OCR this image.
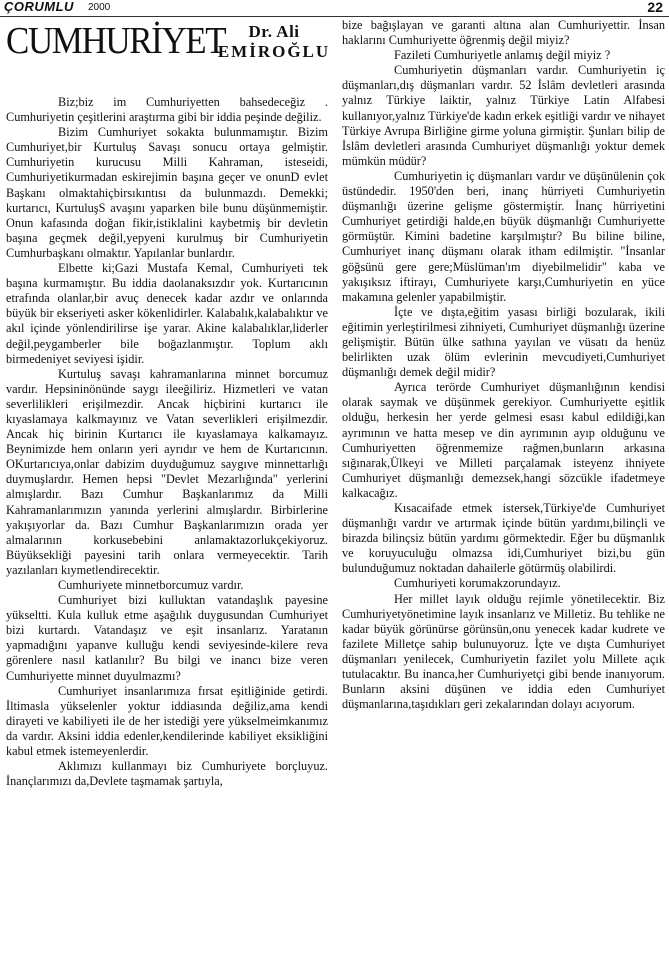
ÇORUMLU 2000	22
CUMHURİYET	Dr. Ali
EMİROĞLU

Biz;biz im Cumhuriyetten bahsedeceğiz . Cumhuriyetin çeşitlerini araştırma gibi bir iddia peşinde değiliz.

Bizim Cumhuriyet sokakta bulunmamıştır. Bizim Cumhuriyet,bir Kurtuluş Savaşı sonucu ortaya gelmiştir. Cumhuriyetin kurucusu Milli Kahraman, isteseidi, Cumhuriyetikurmadan eskirejimin başına geçer ve onunD evlet Başkanı olmaktahiçbirsıkıntısı da bulunmazdı. Demekki; kurtarıcı, KurtuluşS avaşını yaparken bile bunu düşünmemiştir. Onun kafasında doğan fikir,istiklalini kaybetmiş bir devletin başına geçmek değil,yepyeni kurulmuş bir Cumhuriyetin Cumhurbaşkanı olmaktır. Yapılanlar bunlardır.

Elbette ki;Gazi Mustafa Kemal, Cumhuriyeti tek başına kurmamıştır. Bu iddia daolanaksızdır yok. Kurtarıcının etrafında olanlar,bir avuç denecek kadar azdır ve onlarında büyük bir ekseriyeti asker kökenlidirler. Kalabalık,kalabalıktır ve akıl içinde yönlendirilirse işe yarar. Akine kalabalıklar,liderler değil,peygamberler bile boğazlanmıştır. Toplum aklı birmedeniyet seviyesi işidir.

Kurtuluş savaşı kahramanlarına minnet borcumuz vardır. Hepsininönünde saygı ileeğiliriz. Hizmetleri ve vatan severlilikleri erişilmezdir. Ancak hiçbirini kurtarıcı ile kıyaslamaya kalkmayınız ve Vatan severlikleri erişilmezdir. Ancak hiç birinin Kurtarıcı ile kıyaslamaya kalkamayız. Beynimizde hem onların yeri ayrıdır ve hem de Kurtarıcının. OKurtarıcıya,onlar dabizim duyduğumuz saygıve minnettarlığı duymuşlardır. Hemen hepsi "Devlet Mezarlığında" yerlerini almışlardır. Bazı Cumhur Başkanlarımız da Milli Kahramanlarımızın yanında yerlerini almışlardır. Birbirlerine yakışıyorlar da. Bazı Cumhur Başkanlarımızın orada yer almalarının korkusebebini anlamaktazorlukçekiyoruz. Büyüksekliği payesini tarih onlara vermeyecektir. Tarih yazılanları kıymetlendirecektir.

Cumhuriyete minnetborcumuz vardır.

Cumhuriyet bizi kulluktan vatandaşlık payesine yükseltti. Kula kulluk etme aşağılık duygusundan Cumhuriyet bizi kurtardı. Vatandaşız ve eşit insanlarız. Yaratanın yapmadığını yapanve kulluğu kendi seviyesinde-kilere reva görenlere nasıl katlanılır? Bu bilgi ve inancı bize veren Cumhuriyette minnet duyulmazmı?

Cumhuriyet insanlarımıza fırsat eşitliğinide getirdi. İltimasla yükselenler yoktur iddiasında değiliz,ama kendi dirayeti ve kabiliyeti ile de her istediği yere yükselmeimkanımız da vardır. Aksini iddia edenler,kendilerinde kabiliyet eksikliğini kabul etmek istemeyenlerdir.

Aklımızı kullanmayı biz Cumhuriyete borçluyuz. İnançlarımızı da,Devlete taşmamak şartıyla,

bize bağışlayan ve garanti altına alan Cumhuriyettir. İnsan haklarını Cumhuriyette öğrenmiş değil miyiz?

Fazileti Cumhuriyetle anlamış değil miyiz ?

Cumhuriyetin düşmanları vardır. Cumhuriyetin iç düşmanları,dış düşmanları vardır. 52 İslâm devletleri arasında yalnız Türkiye laiktir, yalnız Türkiye Latin Alfabesi kullanıyor,yalnız Türkiye'de kadın erkek eşitliği vardır ve nihayet Türkiye Avrupa Birliğine girme yoluna girmiştir. Şunları bilip de İslâm devletleri arasında Cumhuriyet düşmanlığı yoktur demek mümkün müdür?

Cumhuriyetin iç düşmanları vardır ve düşünülenin çok üstündedir. 1950'den beri, inanç hürriyeti Cumhuriyetin düşmanlığı üzerine gelişme göstermiştir. İnanç hürriyetini Cumhuriyet getirdiği halde,en büyük düşmanlığı Cumhuriyette görmüştür. Kimini badetine karşılmıştır? Bu biline biline, Cumhuriyet inanç düşmanı olarak itham edilmiştir. "İnsanlar göğsünü gere gere;Müslüman'ım diyebilmelidir" kaba ve yakışıksız iftirayı, Cumhuriyete karşı,Cumhuriyetin en yüce makamına gelenler yapabilmiştir.

İçte ve dışta,eğitim yasası birliği bozularak, ikili eğitimin yerleştirilmesi zihniyeti, Cumhuriyet düşmanlığı üzerine gelişmiştir. Bütün ülke sathına yayılan ve vüsatı da henüz belirlikten uzak ölüm evlerinin mevcudiyeti,Cumhuriyet düşmanlığı demek değil midir?

Ayrıca terörde Cumhuriyet düşmanlığının kendisi olarak saymak ve düşünmek gerekiyor. Cumhuriyette eşitlik olduğu, herkesin her yerde gelmesi esası kabul edildiği,kan ayrımının ve hatta mesep ve din ayrımının ayıp olduğunu ve Cumhuriyetten öğrenmemize rağmen,bunların arkasına sığınarak,Ülkeyi ve Milleti parçalamak isteyenz ihniyete Cumhuriyet düşmanlığı demezsek,hangi sözcükle ifadetmeye kalkacağız.

Kısacaifade etmek istersek,Türkiye'de Cumhuriyet düşmanlığı vardır ve artırmak içinde bütün yardımı,bilinçli ve birazda bilinçsiz bütün yardımı görmektedir. Eğer bu düşmanlık ve koruyuculuğu olmazsa idi,Cumhuriyet bizi,bu gün bulunduğumuz noktadan dahailerle götürmüş olabilirdi.

Cumhuriyeti korumakzorundayız.

Her millet layık olduğu rejimle yönetilecektir. Biz Cumhuriyetyönetimine layık insanlarız ve Milletiz. Bu tehlike ne kadar büyük görünürse görünsün,onu yenecek kadar kudrete ve fazilete Milletçe sahip bulunuyoruz. İçte ve dışta Cumhuriyet düşmanları yenilecek, Cumhuriyetin fazilet yolu Millete açık tutulacaktır. Bu inanca,her Cumhuriyetçi gibi bende inanıyorum. Bunların aksini düşünen ve iddia eden Cumhuriyet düşmanlarına,taşıdıkları geri zekalarından dolayı acıyorum.
